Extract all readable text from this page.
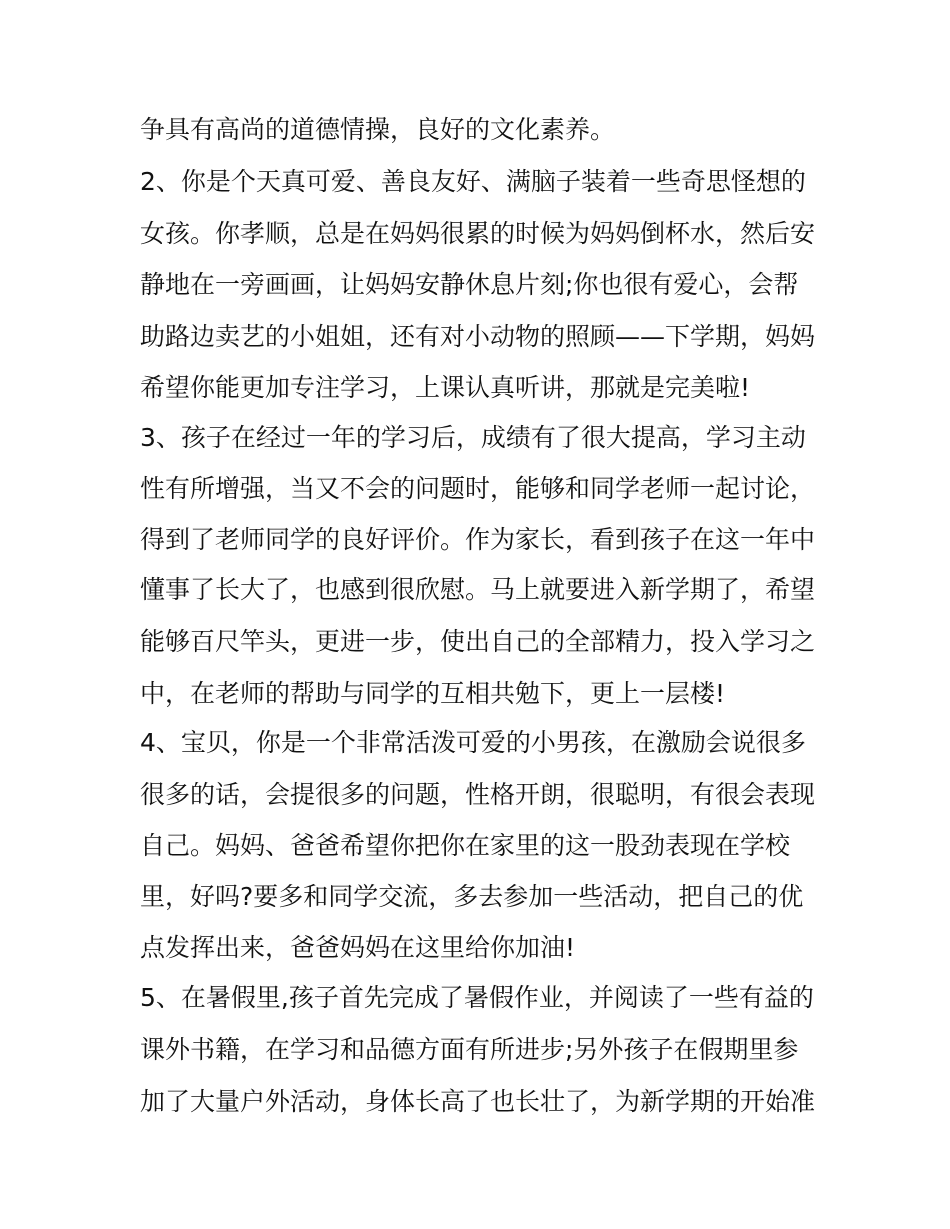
争具有高尚的道德情操，良好的文化素养。
2、你是个天真可爱、善良友好、满脑子装着一些奇思怪想的
女孩。你孝顺，总是在妈妈很累的时候为妈妈倒杯水，然后安
静地在一旁画画，让妈妈安静休息片刻;你也很有爱心，会帮
助路边卖艺的小姐姐，还有对小动物的照顾——下学期，妈妈
希望你能更加专注学习，上课认真听讲，那就是完美啦!
3、孩子在经过一年的学习后，成绩有了很大提高，学习主动
性有所增强，当又不会的问题时，能够和同学老师一起讨论，
得到了老师同学的良好评价。作为家长，看到孩子在这一年中
懂事了长大了，也感到很欣慰。马上就要进入新学期了，希望
能够百尺竿头，更进一步，使出自己的全部精力，投入学习之
中，在老师的帮助与同学的互相共勉下，更上一层楼!
4、宝贝，你是一个非常活泼可爱的小男孩，在激励会说很多
很多的话，会提很多的问题，性格开朗，很聪明，有很会表现
自己。妈妈、爸爸希望你把你在家里的这一股劲表现在学校
里，好吗?要多和同学交流，多去参加一些活动，把自己的优
点发挥出来，爸爸妈妈在这里给你加油!
5、在暑假里,孩子首先完成了暑假作业，并阅读了一些有益的
课外书籍，在学习和品德方面有所进步;另外孩子在假期里参
加了大量户外活动，身体长高了也长壮了，为新学期的开始准
